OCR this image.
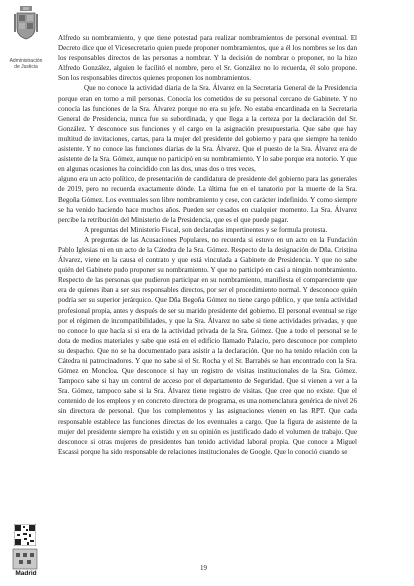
Administración
de Justicia
Madrid

Alfredo su nombramiento, y que tiene potestad para realizar nombramientos de personal eventual. El Decreto dice que el Vicesecretario quien puede proponer nombramientos, que a él los nombres se los dan los responsables directos de las personas a nombrar. Y la decisión de nombrar o proponer, no la hizo Alfredo González, alguien le facilitó el nombre, pero el Sr. González no lo recuerda, él solo propone. Son los responsables directos quienes proponen los nombramientos.

Que no conoce la actividad diaria de la Sra. Álvarez en la Secretaria General de la Presidencia porque eran en torno a mil personas. Conocía los cometidos de su personal cercano de Gabinete. Y no conocía las funciones de la Sra. Álvarez porque no era su jefe. No estaba encardinada en la Secretaria General de Presidencia, nunca fue su subordinada, y que llega a la certeza por la declaración del Sr. González. Y desconoce sus funciones y el cargo en la asignación presupuestaria. Que sabe que hay multitud de invitaciones, cartas, para la mujer del presidente del gobierno y para que siempre ha tenido asistente. Y no conoce las funciones diarias de la Sra. Álvarez. Que el puesto de la Sra. Álvarez era de asistente de la Sra. Gómez, aunque no participó en su nombramiento. Y lo sabe porque era notorio. Y que en algunas ocasiones ha coincidido con las dos, unas dos o tres veces,

alguno era un acto político, de presentación de candidatura de presidente del gobierno para las generales de 2019, pero no recuerda exactamente dónde. La última fue en el tanatorio por la muerte de la Sra. Begoña Gómez. Los eventuales son libre nombramiento y cese, con carácter indefinido. Y como siempre se ha venido haciendo hace muchos años. Pueden ser cesados en cualquier momento. La Sra. Álvarez percibe la retribución del Ministerio de la Presidencia, que es el que puede pagar.

A preguntas del Ministerio Fiscal, son declaradas impertinentes y se formula protesta.

A preguntas de las Acusaciones Populares, no recuerda si estuvo en un acto en la Fundación Pablo Iglesias ni en un acto de la Cátedra de la Sra. Gómez. Respecto de la designación de Dña. Cristina Álvarez, viene en la causa el contrato y que está vinculada a Gabinete de Presidencia. Y que no sabe quién del Gabinete pudo proponer su nombramiento. Y que no participó en casi a ningún nombramiento. Respecto de las personas que pudieron participar en su nombramiento, manifiesta el compareciente que era de quienes iban a ser sus responsables directos, por ser el procedimiento normal. Y desconoce quién podría ser su superior jerárquico. Que Dña Begoña Gómez no tiene cargo público, y que tenía actividad profesional propia, antes y después de ser su marido presidente del gobierno. El personal eventual se rige por el régimen de incompatibilidades, y que la Sra. Álvarez no sabe si tiene actividades privadas, y que no conoce lo que hacía si si era de la actividad privada de la Sra. Gómez. Que a todo el personal se le dota de medios materiales y sabe que está en el edificio llamado Palacio, pero desconoce por completo su despacho. Que no se ha documentado para asistir a la declaración. Que no ha tenido relación con la Cátedra ni patrocinadores. Y que no sabe si el Sr. Rocha y el Sr. Barrabés se han encontrado con la Sra. Gómez en Moncloa. Que desconoce si hay un registro de visitas institucionales de la Sra. Gómez. Tampoco sabe si hay un control de acceso por el departamento de Seguridad. Que si vienen a ver a la Sra. Gómez, tampoco sabe si la Sra. Álvarez tiene registro de visitas. Que cree que no existe. Que el contenido de los empleos y en concreto directora de programa, es una nomenclatura genérica de nivel 26 sin directora de personal. Que los complementos y las asignaciones vienen en las RPT. Que cada responsable establece las funciones directas de los eventuales a cargo. Que la figura de asistente de la mujer del presidente siempre ha existido y en su opinión es justificado dado el volumen de trabajo. Que desconoce si otras mujeres de presidentes han tenido actividad laboral propia. Que conoce a Miguel Escassi porque ha sido responsable de relaciones institucionales de Google. Que lo conoció cuando se

19
